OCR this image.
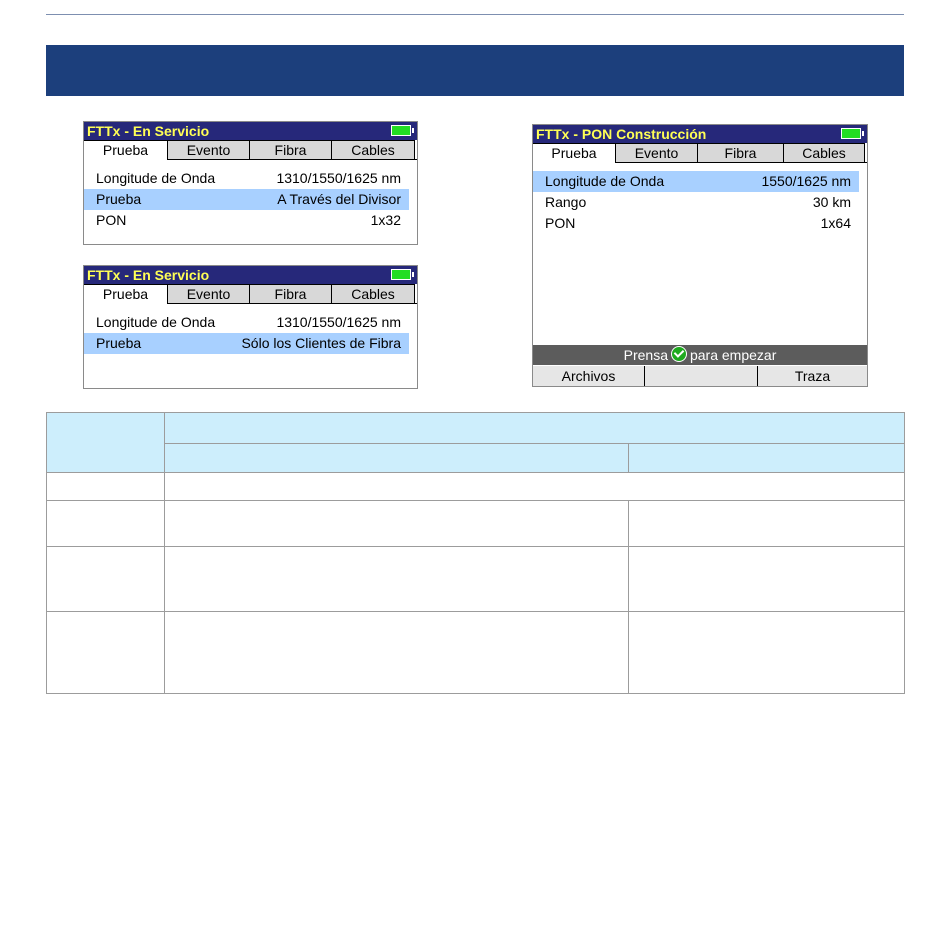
FTTx - En Servicio
Prueba	Evento	Fibra	Cables
Longitude de Onda	1310/1550/1625 nm
Prueba	A Través del Divisor
PON	1x32
FTTx - En Servicio
Prueba	Evento	Fibra	Cables
Longitude de Onda	1310/1550/1625 nm
Prueba	Sólo los Clientes de Fibra
FTTx - PON Construcción
Prueba	Evento	Fibra	Cables
Longitude de Onda	1550/1625 nm
Rango	30 km
PON	1x64
Prensa para empezar
Archivos	Traza
